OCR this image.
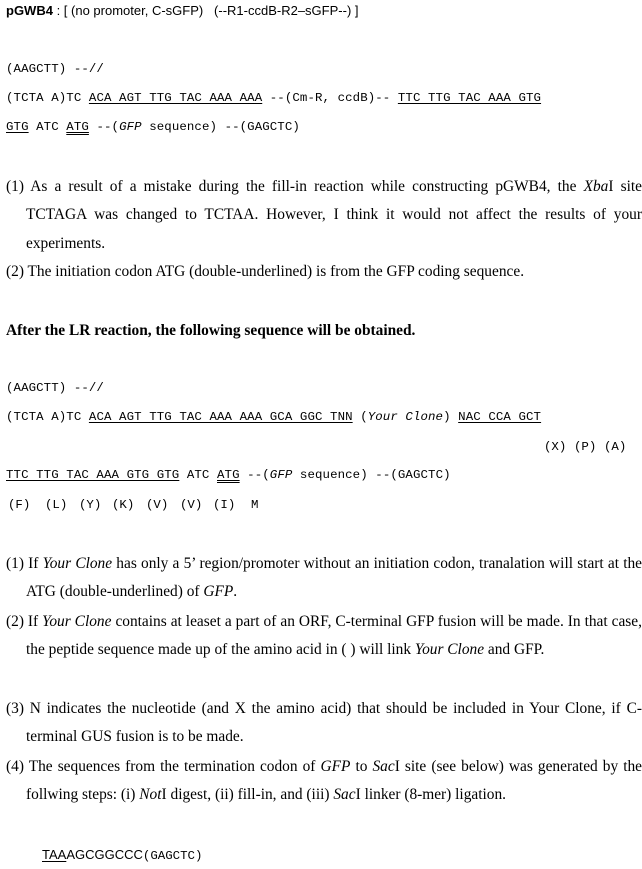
pGWB4 : [ (no promoter, C-sGFP)   (--R1-ccdB-R2–sGFP--) ]
(AAGCTT) --//
(TCTA A)TC ACA AGT TTG TAC AAA AAA --(Cm-R, ccdB)-- TTC TTG TAC AAA GTG
GTG ATC ATG --(GFP sequence) --(GAGCTC)
(1) As a result of a mistake during the fill-in reaction while constructing pGWB4, the XbaI site TCTAGA was changed to TCTAA. However, I think it would not affect the results of your experiments.
(2) The initiation codon ATG (double-underlined) is from the GFP coding sequence.
After the LR reaction, the following sequence will be obtained.
(AAGCTT) --//
(TCTA A)TC ACA AGT TTG TAC AAA AAA GCA GGC TNN (Your Clone) NAC CCA GCT
(X) (P) (A)
TTC TTG TAC AAA GTG GTG ATC ATG --(GFP sequence) --(GAGCTC)
(F) (L) (Y) (K) (V) (V) (I) M
(1) If Your Clone has only a 5’ region/promoter without an initiation codon, tranalation will start at the ATG (double-underlined) of GFP.
(2) If Your Clone contains at leaset a part of an ORF, C-terminal GFP fusion will be made. In that case, the peptide sequence made up of the amino acid in ( ) will link Your Clone and GFP.
(3) N indicates the nucleotide (and X the amino acid) that should be included in Your Clone, if C-terminal GUS fusion is to be made.
(4) The sequences from the termination codon of GFP to SacI site (see below) was generated by the follwing steps: (i) NotI digest, (ii) fill-in, and (iii) SacI linker (8-mer) ligation.
TAAAGCGGCCC(GAGCTC)
